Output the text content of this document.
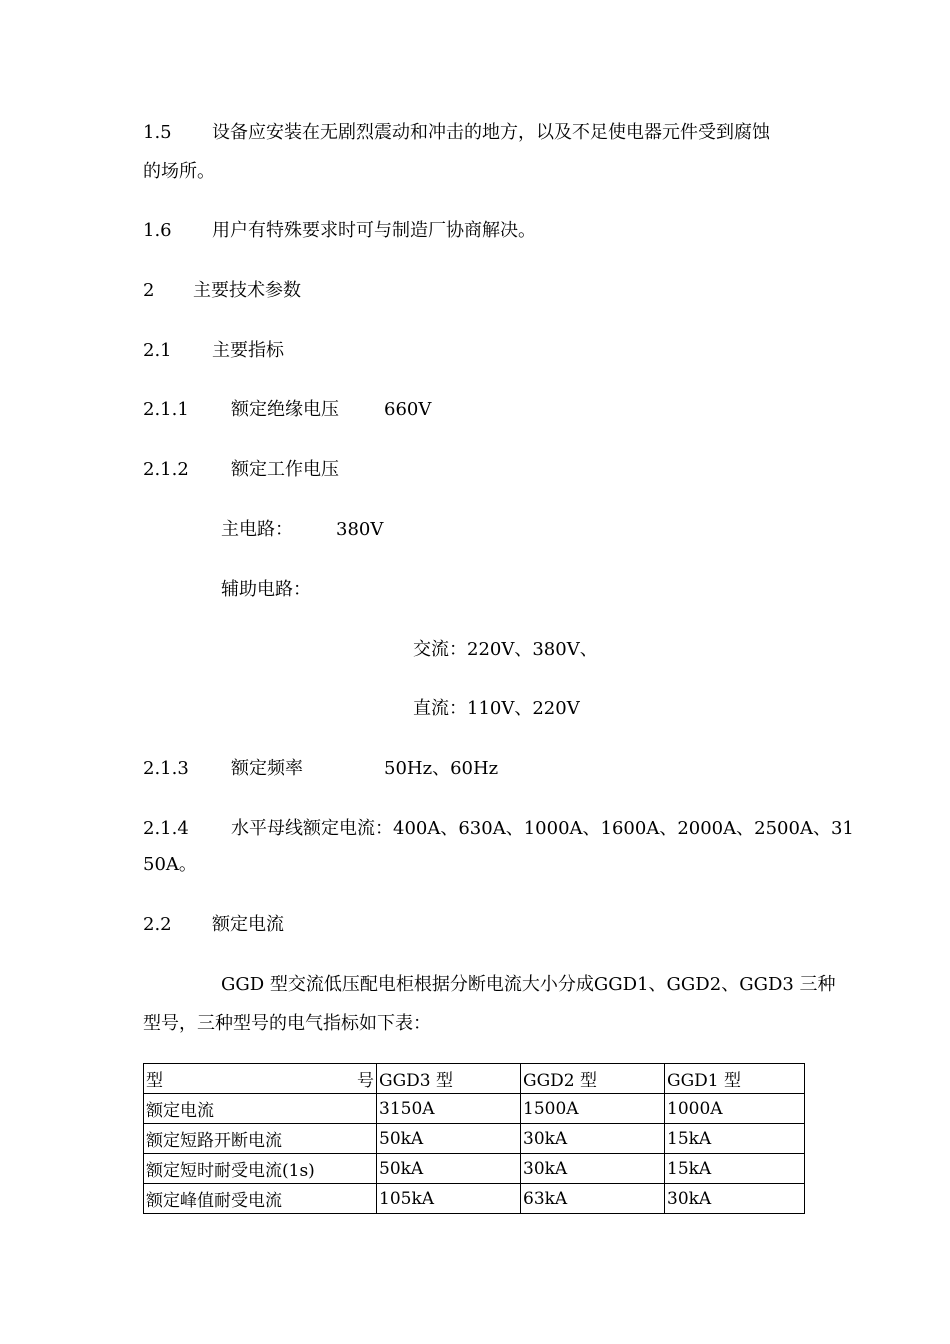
1.5 设备应安装在无剧烈震动和冲击的地方，以及不足使电器元件受到腐蚀
的场所。
1.6 用户有特殊要求时可与制造厂协商解决。
2 主要技术参数
2.1 主要指标
2.1.1 额定绝缘电压	660V
2.1.2 额定工作电压
主电路： 380V
辅助电路：
交流：220V、380V、
直流：110V、220V
2.1.3 额定频率	50Hz、60Hz
2.1.4 水平母线额定电流：400A、630A、1000A、1600A、2000A、2500A、31
50A。
2.2 额定电流
GGD 型交流低压配电柜根据分断电流大小分成GGD1、GGD2、GGD3 三种
型号，三种型号的电气指标如下表：
型 号	GGD3 型	GGD2 型	GGD1 型
额定电流	3150A	1500A	1000A
额定短路开断电流	50kA	30kA	15kA
额定短时耐受电流(1s)	50kA	30kA	15kA
额定峰值耐受电流	105kA	63kA	30kA
